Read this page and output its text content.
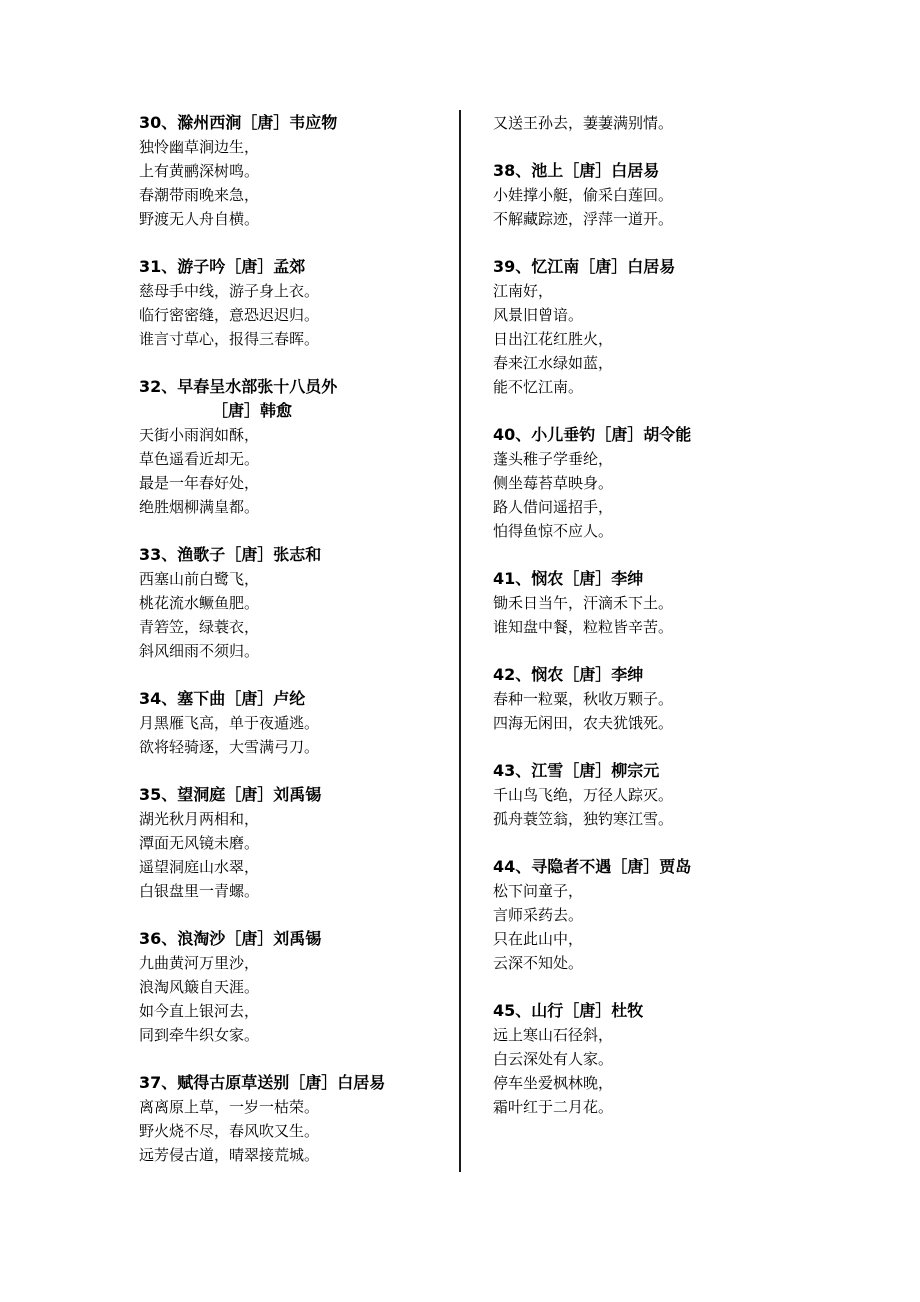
30、滁州西涧［唐］韦应物
独怜幽草涧边生，
上有黄鹂深树鸣。
春潮带雨晚来急，
野渡无人舟自横。
31、游子吟［唐］孟郊
慈母手中线，游子身上衣。
临行密密缝，意恐迟迟归。
谁言寸草心，报得三春晖。
32、早春呈水部张十八员外
［唐］韩愈
天街小雨润如酥，
草色遥看近却无。
最是一年春好处，
绝胜烟柳满皇都。
33、渔歌子［唐］张志和
西塞山前白鹭飞，
桃花流水鳜鱼肥。
青箬笠，绿蓑衣，
斜风细雨不须归。
34、塞下曲［唐］卢纶
月黑雁飞高，单于夜遁逃。
欲将轻骑逐，大雪满弓刀。
35、望洞庭［唐］刘禹锡
湖光秋月两相和，
潭面无风镜未磨。
遥望洞庭山水翠，
白银盘里一青螺。
36、浪淘沙［唐］刘禹锡
九曲黄河万里沙，
浪淘风簸自天涯。
如今直上银河去，
同到牵牛织女家。
37、赋得古原草送别［唐］白居易
离离原上草，一岁一枯荣。
野火烧不尽，春风吹又生。
远芳侵古道，晴翠接荒城。
又送王孙去，萋萋满别情。
38、池上［唐］白居易
小娃撑小艇，偷采白莲回。
不解藏踪迹，浮萍一道开。
39、忆江南［唐］白居易
江南好，
风景旧曾谙。
日出江花红胜火，
春来江水绿如蓝，
能不忆江南。
40、小儿垂钓［唐］胡令能
蓬头稚子学垂纶，
侧坐莓苔草映身。
路人借问遥招手，
怕得鱼惊不应人。
41、悯农［唐］李绅
锄禾日当午，汗滴禾下土。
谁知盘中餐，粒粒皆辛苦。
42、悯农［唐］李绅
春种一粒粟，秋收万颗子。
四海无闲田，农夫犹饿死。
43、江雪［唐］柳宗元
千山鸟飞绝，万径人踪灭。
孤舟蓑笠翁，独钓寒江雪。
44、寻隐者不遇［唐］贾岛
松下问童子，
言师采药去。
只在此山中，
云深不知处。
45、山行［唐］杜牧
远上寒山石径斜，
白云深处有人家。
停车坐爱枫林晚，
霜叶红于二月花。
